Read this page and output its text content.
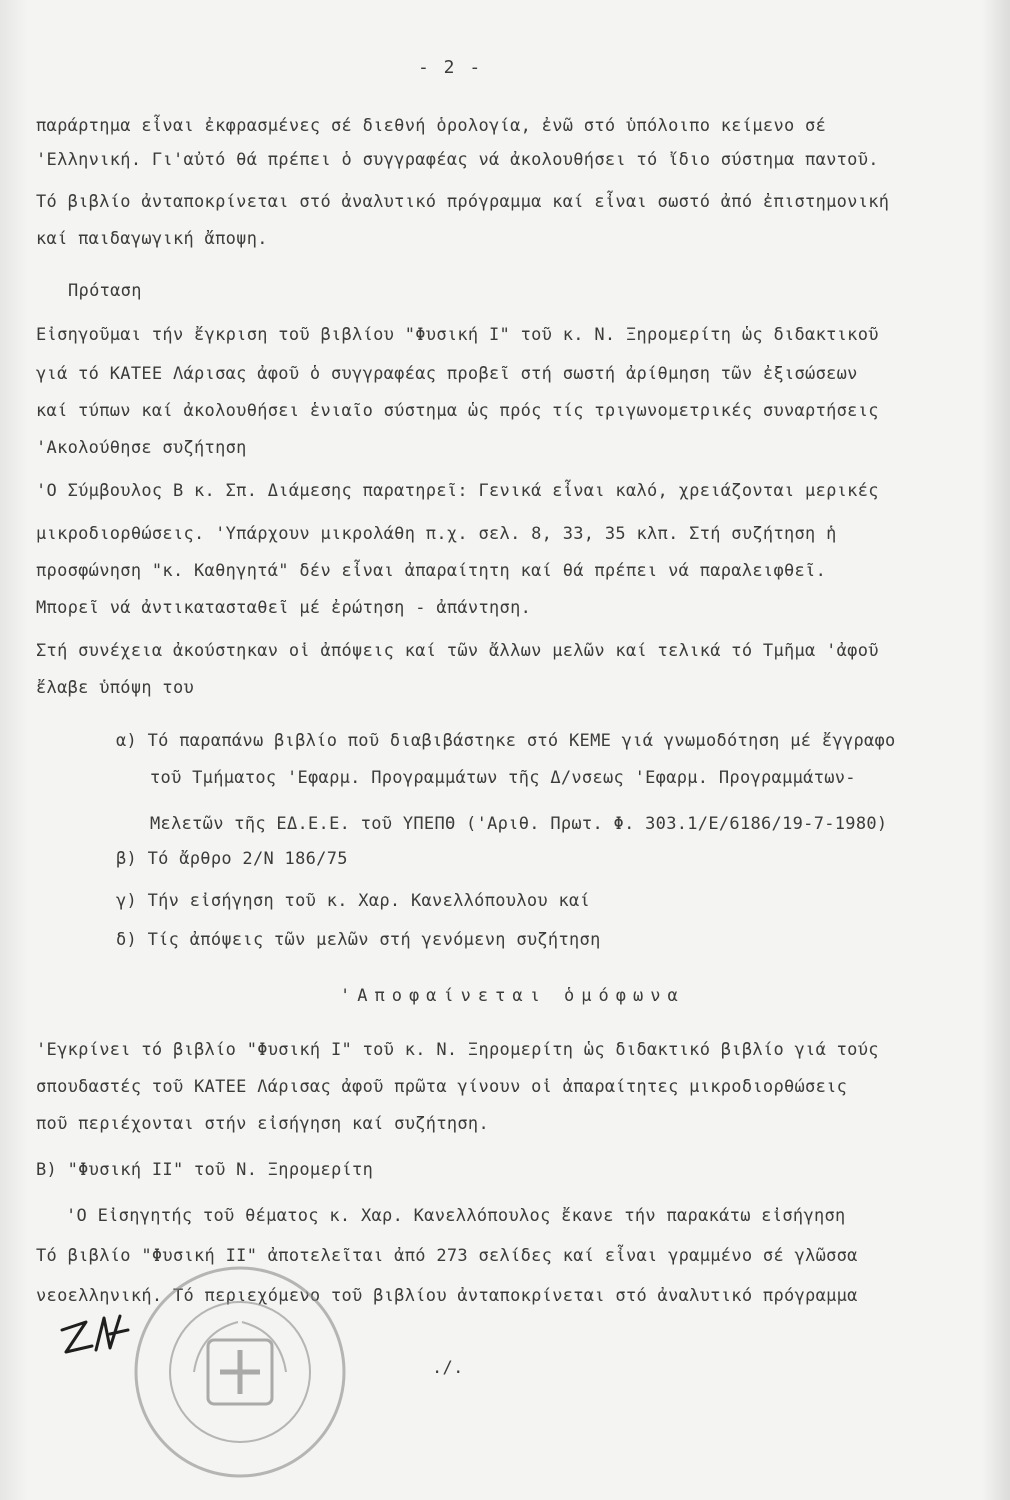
- 2 -
παράρτημα εἶναι ἐκφρασμένες σέ διεθνή ὁρολογία, ἐνῶ στό ὑπόλοιπο κείμενο σέ
'Ελληνική. Γι'αὐτό θά πρέπει ὁ συγγραφέας νά ἀκολουθήσει τό ἴδιο σύστημα παντοῦ.
Τό βιβλίο ἀνταποκρίνεται στό ἀναλυτικό πρόγραμμα καί εἶναι σωστό ἀπό ἐπιστημονική
καί παιδαγωγική ἄποψη.
Πρόταση
Εἰσηγοῦμαι τήν ἔγκριση τοῦ βιβλίου "Φυσική Ι" τοῦ κ. Ν. Ξηρομερίτη ὡς διδακτικοῦ
γιά τό ΚΑΤΕΕ Λάρισας ἀφοῦ ὁ συγγραφέας προβεῖ στή σωστή ἀρίθμηση τῶν ἐξισώσεων
καί τύπων καί ἀκολουθήσει ἑνιαῖο σύστημα ὡς πρός τίς τριγωνομετρικές συναρτήσεις
'Ακολούθησε συζήτηση
'Ο Σύμβουλος Β κ. Σπ. Διάμεσης παρατηρεῖ: Γενικά εἶναι καλό, χρειάζονται μερικές
μικροδιορθώσεις. 'Υπάρχουν μικρολάθη π.χ. σελ. 8, 33, 35 κλπ. Στή συζήτηση ἡ
προσφώνηση "κ. Καθηγητά" δέν εἶναι ἀπαραίτητη καί θά πρέπει νά παραλειφθεῖ.
Μπορεῖ νά ἀντικατασταθεῖ μέ ἐρώτηση - ἀπάντηση.
Στή συνέχεια ἀκούστηκαν οἱ ἀπόψεις καί τῶν ἄλλων μελῶν καί τελικά τό Τμῆμα 'ἀφοῦ
ἔλαβε ὑπόψη του
α) Τό παραπάνω βιβλίο ποῦ διαβιβάστηκε στό ΚΕΜΕ γιά γνωμοδότηση μέ ἔγγραφο
τοῦ Τμήματος 'Εφαρμ. Προγραμμάτων τῆς Δ/νσεως 'Εφαρμ. Προγραμμάτων-
Μελετῶν τῆς ΕΔ.Ε.Ε. τοῦ ΥΠΕΠΘ ('Αριθ. Πρωτ. Φ. 303.1/Ε/6186/19-7-1980)
β) Τό ἄρθρο 2/Ν 186/75
γ) Τήν εἰσήγηση τοῦ κ. Χαρ. Κανελλόπουλου καί
δ) Τίς ἀπόψεις τῶν μελῶν στή γενόμενη συζήτηση
'Αποφαίνεται ὁμόφωνα
'Εγκρίνει τό βιβλίο "Φυσική Ι" τοῦ κ. Ν. Ξηρομερίτη ὡς διδακτικό βιβλίο γιά τούς
σπουδαστές τοῦ ΚΑΤΕΕ Λάρισας ἀφοῦ πρῶτα γίνουν οἱ ἀπαραίτητες μικροδιορθώσεις
ποῦ περιέχονται στήν εἰσήγηση καί συζήτηση.
Β) "Φυσική ΙΙ" τοῦ Ν. Ξηρομερίτη
'Ο Εἰσηγητής τοῦ θέματος κ. Χαρ. Κανελλόπουλος ἔκανε τήν παρακάτω εἰσήγηση
Τό βιβλίο "Φυσική ΙΙ" ἀποτελεῖται ἀπό 273 σελίδες καί εἶναι γραμμένο σέ γλῶσσα
νεοελληνική. Τό περιεχόμενο τοῦ βιβλίου ἀνταποκρίνεται στό ἀναλυτικό πρόγραμμα
./.
